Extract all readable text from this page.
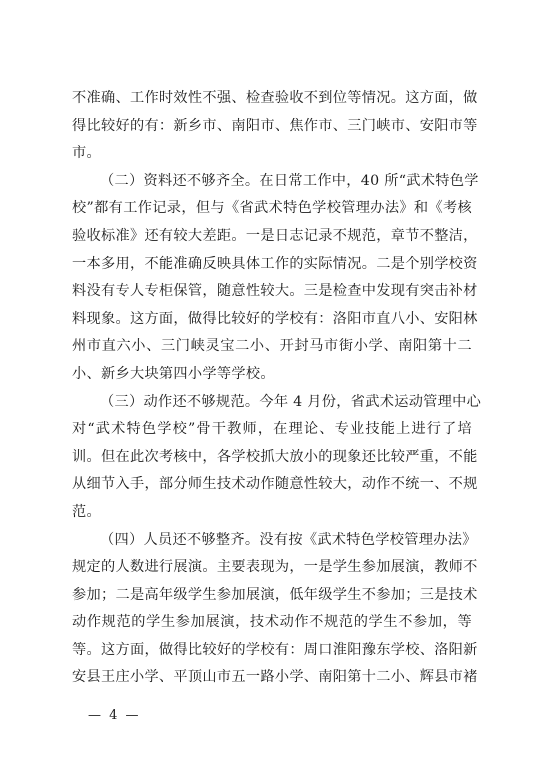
不准确、工作时效性不强、检查验收不到位等情况。这方面，做
得比较好的有：新乡市、南阳市、焦作市、三门峡市、安阳市等
市。
（二）资料还不够齐全。在日常工作中，40 所“武术特色学
校”都有工作记录，但与《省武术特色学校管理办法》和《考核
验收标准》还有较大差距。一是日志记录不规范，章节不整洁，
一本多用，不能准确反映具体工作的实际情况。二是个别学校资
料没有专人专柜保管，随意性较大。三是检查中发现有突击补材
料现象。这方面，做得比较好的学校有：洛阳市直八小、安阳林
州市直六小、三门峡灵宝二小、开封马市街小学、南阳第十二
小、新乡大块第四小学等学校。
（三）动作还不够规范。今年 4 月份，省武术运动管理中心
对“武术特色学校”骨干教师，在理论、专业技能上进行了培
训。但在此次考核中，各学校抓大放小的现象还比较严重，不能
从细节入手，部分师生技术动作随意性较大，动作不统一、不规
范。
（四）人员还不够整齐。没有按《武术特色学校管理办法》
规定的人数进行展演。主要表现为，一是学生参加展演，教师不
参加；二是高年级学生参加展演，低年级学生不参加；三是技术
动作规范的学生参加展演，技术动作不规范的学生不参加，等
等。这方面，做得比较好的学校有：周口淮阳豫东学校、洛阳新
安县王庄小学、平顶山市五一路小学、南阳第十二小、辉县市褚
— 4 —
